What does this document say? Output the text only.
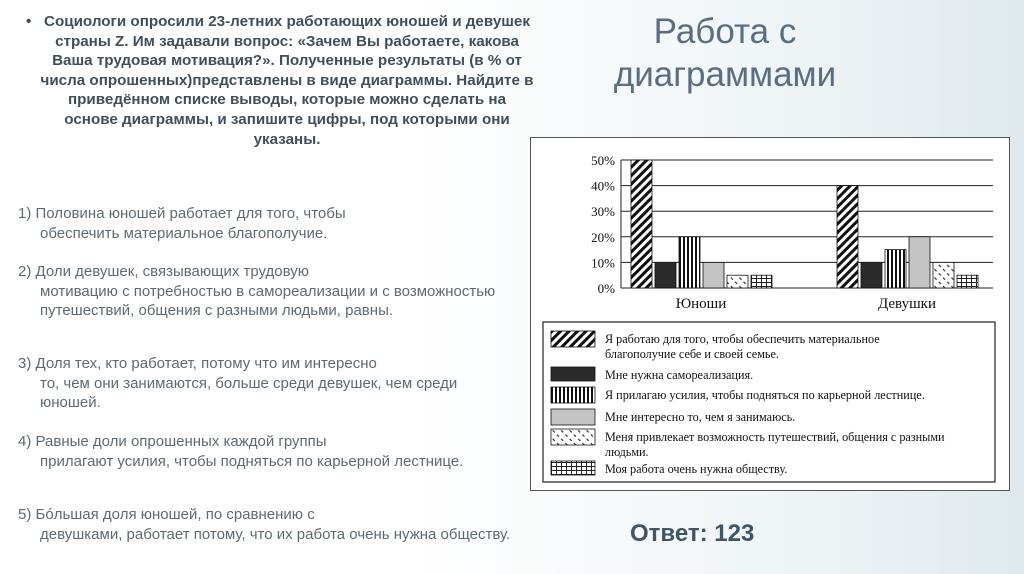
• Социологи опросили 23-летних работающих юношей и девушек страны Z. Им задавали вопрос: «Зачем Вы работаете, какова Ваша трудовая мотивация?». Полученные результаты (в % от числа опрошенных)представлены в виде диаграммы. Найдите в приведённом списке выводы, которые можно сделать на основе диаграммы, и запишите цифры, под которыми они указаны.
1) Половина юношей работает для того, чтобы
обеспечить материальное благополучие.
2) Доли девушек, связывающих трудовую
мотивацию с потребностью в самореализации и с возможностью путешествий, общения с разными людьми, равны.
3) Доля тех, кто работает, потому что им интересно
то, чем они занимаются, больше среди девушек, чем среди юношей.
4) Равные доли опрошенных каждой группы
прилагают усилия, чтобы подняться по карьерной лестнице.
5) Бóльшая доля юношей, по сравнению с
девушками, работает потому, что их работа очень нужна обществу.
Работа с диаграммами
50%
40%
30%
20%
10%
0%
Юноши	Девушки
Я работаю для того, чтобы обеспечить материальное благополучие себе и своей семье.
Мне нужна самореализация.
Я прилагаю усилия, чтобы подняться по карьерной лестнице.
Мне интересно то, чем я занимаюсь.
Меня привлекает возможность путешествий, общения с разными людьми.
Моя работа очень нужна обществу.
Ответ: 123
